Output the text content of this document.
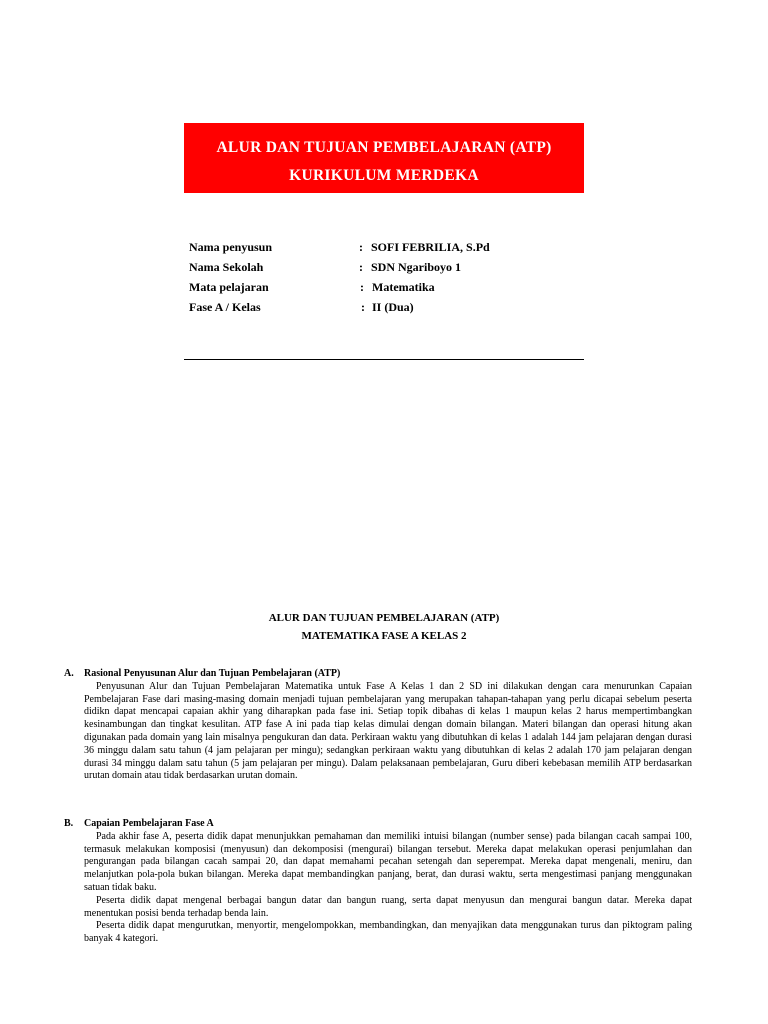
ALUR DAN TUJUAN PEMBELAJARAN (ATP)
KURIKULUM MERDEKA
Nama penyusun	: SOFI FEBRILIA, S.Pd
Nama Sekolah	: SDN Ngariboyo 1
Mata pelajaran	: Matematika
Fase A / Kelas	: II (Dua)
ALUR DAN TUJUAN PEMBELAJARAN (ATP)
MATEMATIKA FASE A KELAS 2
A. Rasional Penyusunan Alur dan Tujuan Pembelajaran (ATP)
Penyusunan Alur dan Tujuan Pembelajaran Matematika untuk Fase A Kelas 1 dan 2 SD ini dilakukan dengan cara menurunkan Capaian Pembelajaran Fase dari masing-masing domain menjadi tujuan pembelajaran yang merupakan tahapan-tahapan yang perlu dicapai sebelum peserta didikn dapat mencapai capaian akhir yang diharapkan pada fase ini. Setiap topik dibahas di kelas 1 maupun kelas 2 harus mempertimbangkan kesinambungan dan tingkat kesulitan. ATP fase A ini pada tiap kelas dimulai dengan domain bilangan. Materi bilangan dan operasi hitung akan digunakan pada domain yang lain misalnya pengukuran dan data. Perkiraan waktu yang dibutuhkan di kelas 1 adalah 144 jam pelajaran dengan durasi 36 minggu dalam satu tahun (4 jam pelajaran per mingu); sedangkan perkiraan waktu yang dibutuhkan di kelas 2 adalah 170 jam pelajaran dengan durasi 34 minggu dalam satu tahun (5 jam pelajaran per mingu). Dalam pelaksanaan pembelajaran, Guru diberi kebebasan memilih ATP berdasarkan urutan domain atau tidak berdasarkan urutan domain.
B. Capaian Pembelajaran Fase A
Pada akhir fase A, peserta didik dapat menunjukkan pemahaman dan memiliki intuisi bilangan (number sense) pada bilangan cacah sampai 100, termasuk melakukan komposisi (menyusun) dan dekomposisi (mengurai) bilangan tersebut. Mereka dapat melakukan operasi penjumlahan dan pengurangan pada bilangan cacah sampai 20, dan dapat memahami pecahan setengah dan seperempat. Mereka dapat mengenali, meniru, dan melanjutkan pola-pola bukan bilangan. Mereka dapat membandingkan panjang, berat, dan durasi waktu, serta mengestimasi panjang menggunakan satuan tidak baku.
Peserta didik dapat mengenal berbagai bangun datar dan bangun ruang, serta dapat menyusun dan mengurai bangun datar. Mereka dapat menentukan posisi benda terhadap benda lain.
Peserta didik dapat mengurutkan, menyortir, mengelompokkan, membandingkan, dan menyajikan data menggunakan turus dan piktogram paling banyak 4 kategori.
